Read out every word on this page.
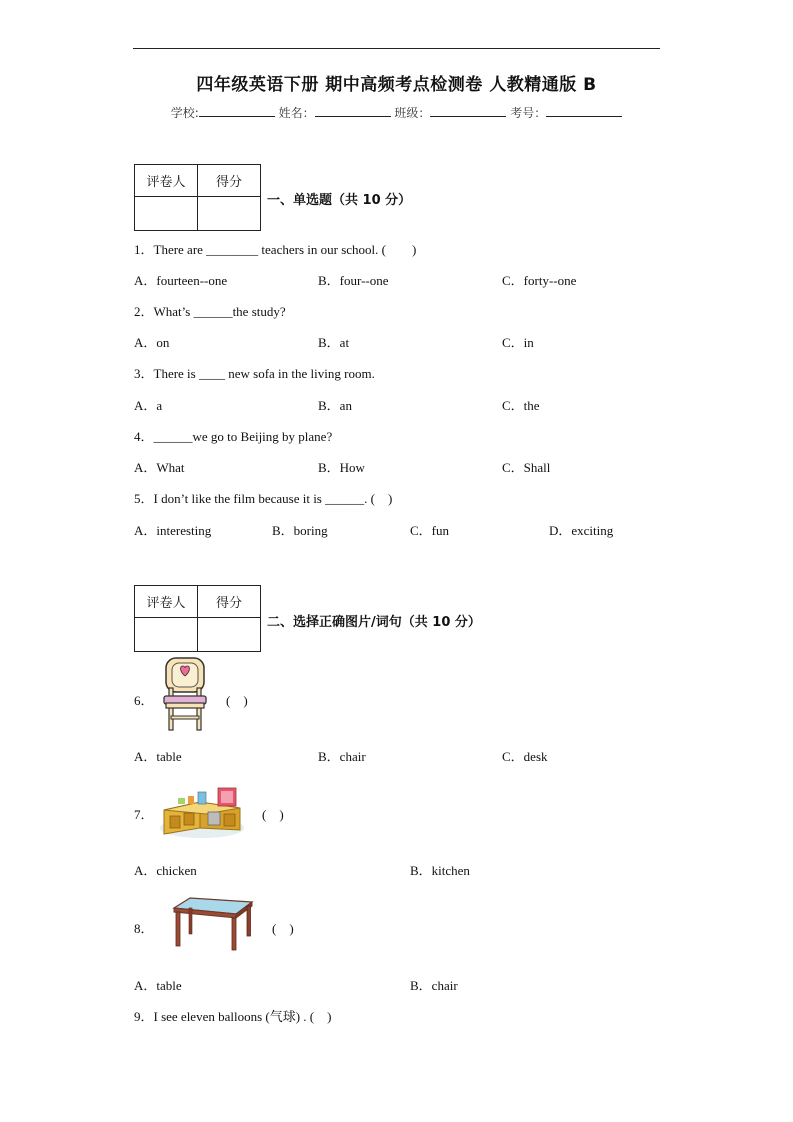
四年级英语下册 期中高频考点检测卷 人教精通版 B
学校:	姓名：	班级：	考号：
评卷人	得分

一、单选题（共 10 分）
1．There are ________ teachers in our school. (　　)
A．fourteen--one	B．four--one	C．forty--one
2．What’s ______the study?
A．on	B．at	C．in
3．There is ____ new sofa in the living room.
A．a	B．an	C．the
4．______we go to Beijing by plane?
A．What	B．How	C．Shall
5．I don’t like the film because it is ______. (　)
A．interesting	B．boring	C．fun	D．exciting
评卷人	得分

二、选择正确图片/词句（共 10 分）
6．	(　)
A．table	B．chair	C．desk
7．	(　)
A．chicken	B．kitchen
8．	(　)
A．table	B．chair
9．I see eleven balloons (气球) . (　)
